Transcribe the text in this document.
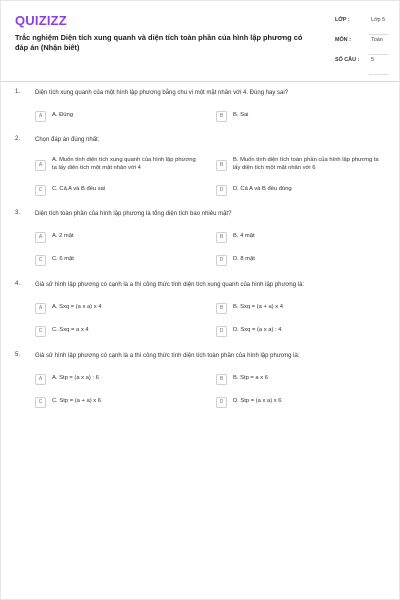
QUIZIZZ
Trắc nghiệm Diện tích xung quanh và diện tích toàn phần của hình lập phương có đáp án (Nhận biết)
LỚP :	Lớp 5
MÔN :	Toán
SỐ CÂU : 5
1. Diện tích xung quanh của một hình lập phương bằng chu vi một mặt nhân với 4. Đúng hay sai?
A	A. Đúng	B	B. Sai
2. Chọn đáp án đúng nhất:
A
A. Muốn tính diện tích xung quanh của hình lập phương ta lấy diện tích một mặt nhân với 4	B
B. Muốn tính diện tích toàn phần của hình lập phương ta lấy diện tích một mặt nhân với 6
C	C. Cả A và B đều sai	D	D. Cả A và B đều đúng
3. Diện tích toàn phần của hình lập phương là tổng diện tích bao nhiêu mặt?
A	A. 2 mặt	B	B. 4 mặt
C	C. 6 mặt	D	D. 8 mặt
4. Giả sử hình lập phương có cạnh là a thì công thức tính diện tích xung quanh của hình lập phương là:
A	A. Sxq = (a x a) x 4	B	B. Sxq = (a + a) x 4
C	C. Sxq = a x 4	D	D. Sxq = (a x a) : 4
5. Giả sử hình lập phương có cạnh là a thì công thức tính diện tích toàn phần của hình lập phương là:
A	A. Stp = (a x a) : 6	B	B. Stp = a x 6
C	C. Stp = (a + a) x 6	D	D. Stp = (a x a) x 6
